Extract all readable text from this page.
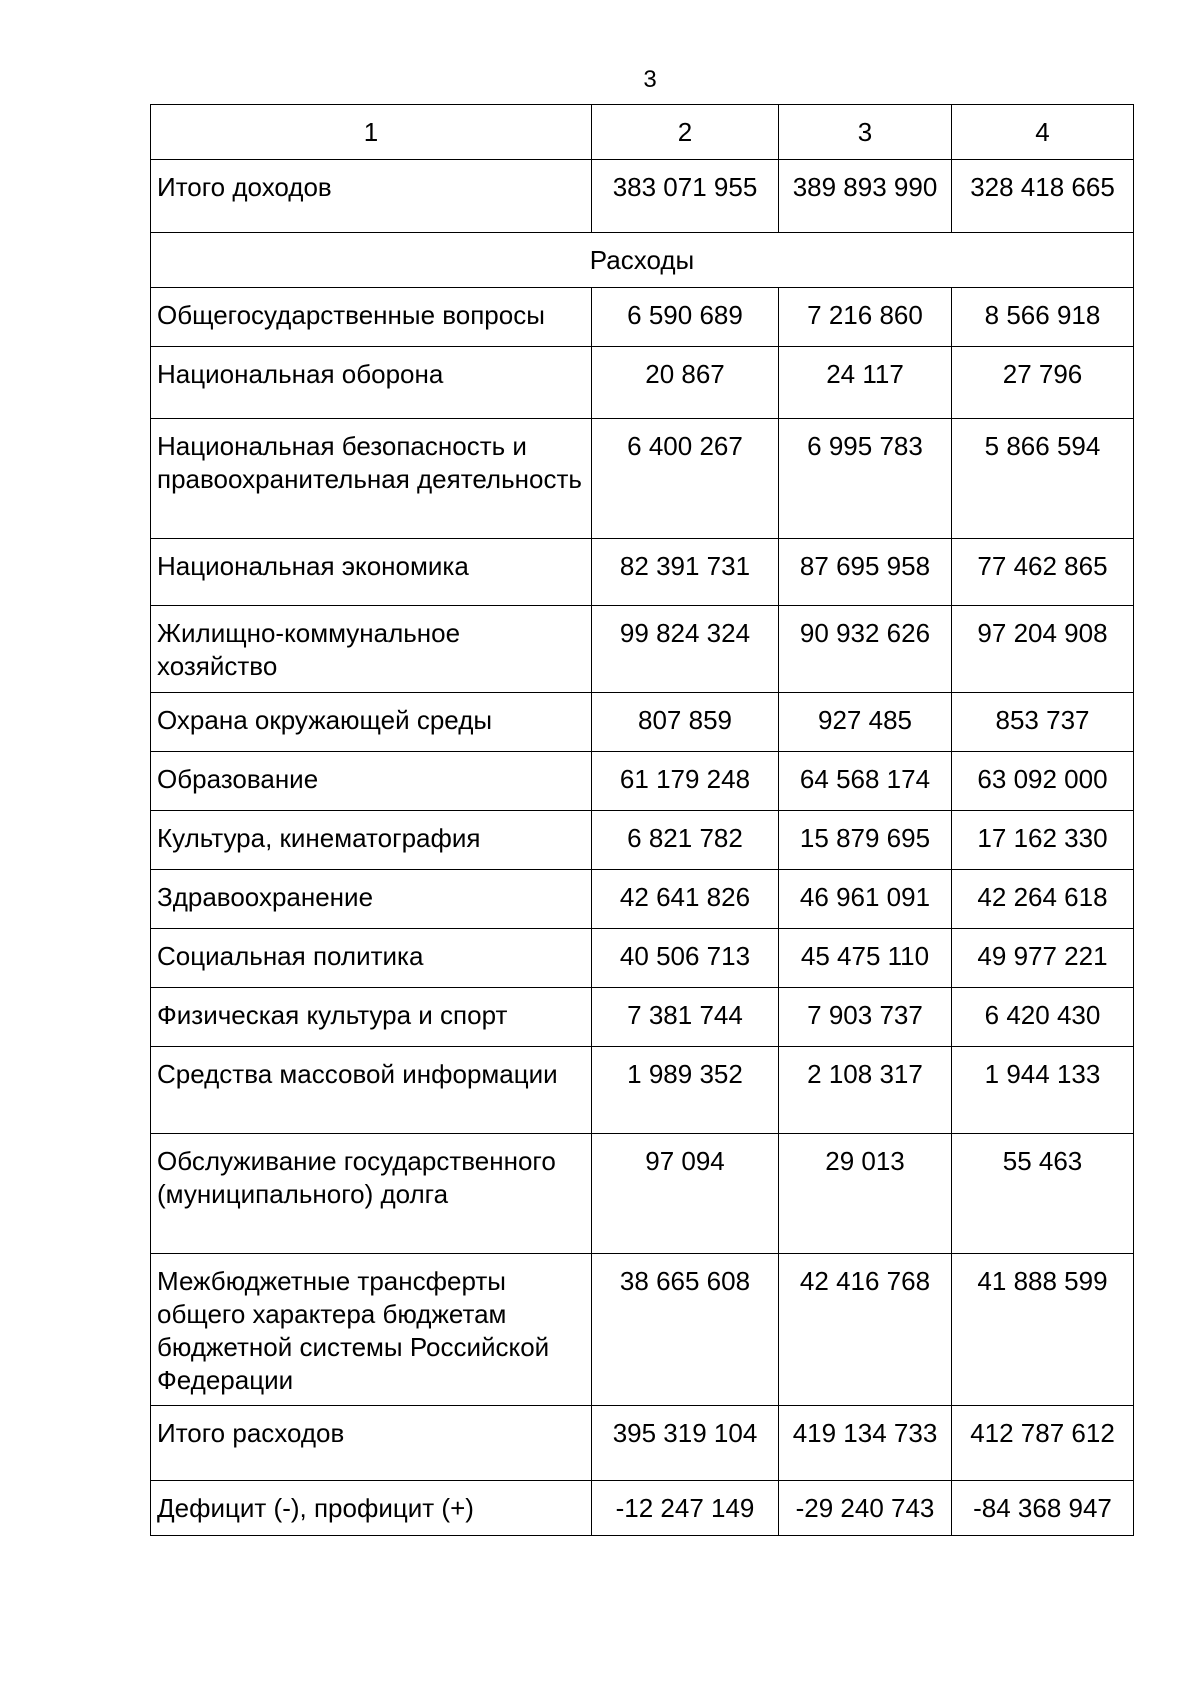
3
1	2	3	4
Итого доходов	383 071 955	389 893 990	328 418 665
Расходы			
Общегосударственные вопросы	6 590 689	7 216 860	8 566 918
Национальная оборона	20 867	24 117	27 796
Национальная безопасность и правоохранительная деятельность	6 400 267	6 995 783	5 866 594
Национальная экономика	82 391 731	87 695 958	77 462 865
Жилищно-коммунальное хозяйство	99 824 324	90 932 626	97 204 908
Охрана окружающей среды	807 859	927 485	853 737
Образование	61 179 248	64 568 174	63 092 000
Культура, кинематография	6 821 782	15 879 695	17 162 330
Здравоохранение	42 641 826	46 961 091	42 264 618
Социальная политика	40 506 713	45 475 110	49 977 221
Физическая культура и спорт	7 381 744	7 903 737	6 420 430
Средства массовой информации	1 989 352	2 108 317	1 944 133
Обслуживание государственного (муниципального) долга	97 094	29 013	55 463
Межбюджетные трансферты общего характера бюджетам бюджетной системы Российской Федерации	38 665 608	42 416 768	41 888 599
Итого расходов	395 319 104	419 134 733	412 787 612
Дефицит (-), профицит (+)	-12 247 149	-29 240 743	-84 368 947
